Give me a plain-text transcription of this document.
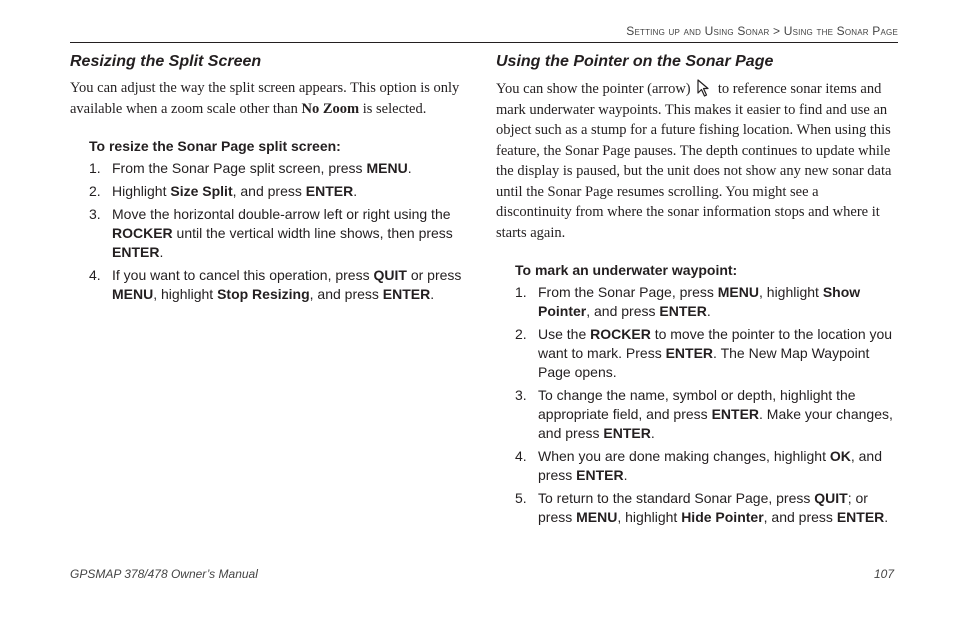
Setting up and Using Sonar > Using the Sonar Page
Resizing the Split Screen

You can adjust the way the split screen appears. This option is only available when a zoom scale other than No Zoom is selected.

To resize the Sonar Page split screen:
1. From the Sonar Page split screen, press MENU.
2. Highlight Size Split, and press ENTER.
3. Move the horizontal double-arrow left or right using the ROCKER until the vertical width line shows, then press ENTER.
4. If you want to cancel this operation, press QUIT or press MENU, highlight Stop Resizing, and press ENTER.
Using the Pointer on the Sonar Page

You can show the pointer (arrow)  to reference sonar items and mark underwater waypoints. This makes it easier to find and use an object such as a stump for a future fishing location. When using this feature, the Sonar Page pauses. The depth continues to update while the display is paused, but the unit does not show any new sonar data until the Sonar Page resumes scrolling. You might see a discontinuity from where the sonar information stops and where it starts again.

To mark an underwater waypoint:
1. From the Sonar Page, press MENU, highlight Show Pointer, and press ENTER.
2. Use the ROCKER to move the pointer to the location you want to mark. Press ENTER. The New Map Waypoint Page opens.
3. To change the name, symbol or depth, highlight the appropriate field, and press ENTER. Make your changes, and press ENTER.
4. When you are done making changes, highlight OK, and press ENTER.
5. To return to the standard Sonar Page, press QUIT; or press MENU, highlight Hide Pointer, and press ENTER.
GPSMAP 378/478 Owner’s Manual	107
